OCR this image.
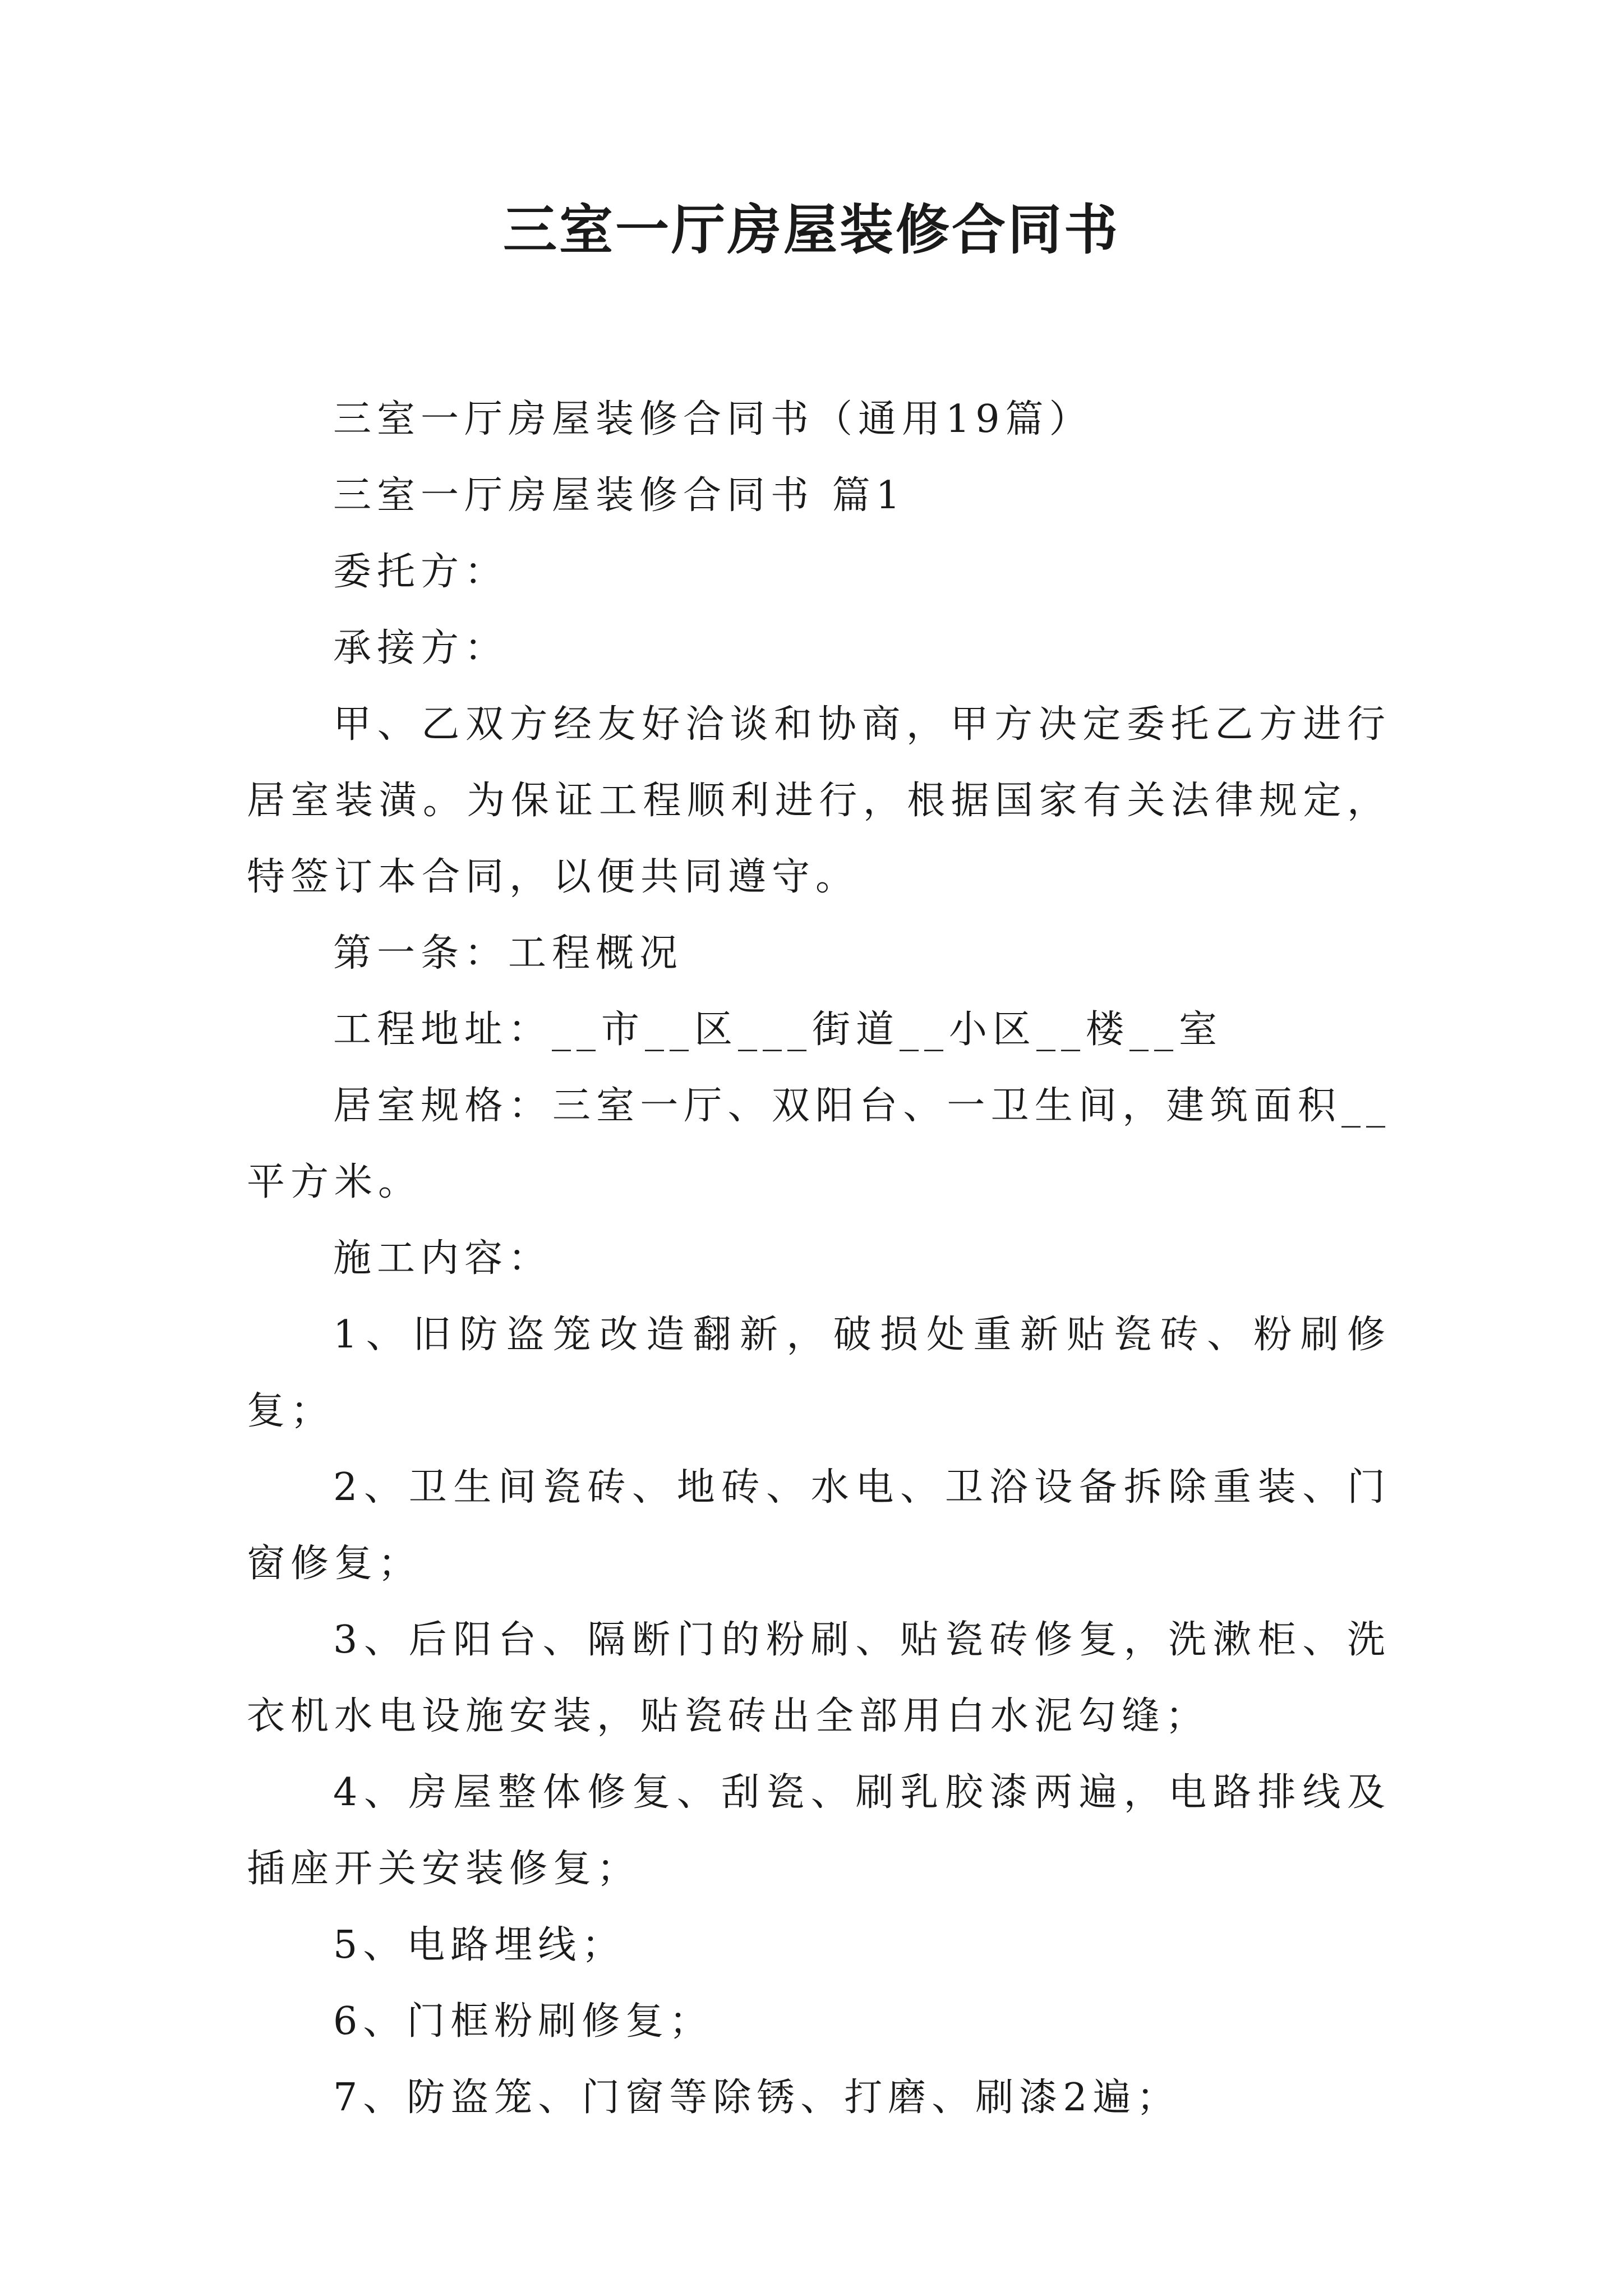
三室一厅房屋装修合同书

三室一厅房屋装修合同书（通用19篇）

三室一厅房屋装修合同书 篇1

委托方：

承接方：

甲、乙双方经友好洽谈和协商，甲方决定委托乙方进行居室装潢。为保证工程顺利进行，根据国家有关法律规定，特签订本合同，以便共同遵守。

第一条：工程概况

工程地址：__市__区___街道__小区__楼__室

居室规格：三室一厅、双阳台、一卫生间，建筑面积__平方米。

施工内容：

1、旧防盗笼改造翻新，破损处重新贴瓷砖、粉刷修复；

2、卫生间瓷砖、地砖、水电、卫浴设备拆除重装、门窗修复；

3、后阳台、隔断门的粉刷、贴瓷砖修复，洗漱柜、洗衣机水电设施安装，贴瓷砖出全部用白水泥勾缝；

4、房屋整体修复、刮瓷、刷乳胶漆两遍，电路排线及插座开关安装修复；

5、电路埋线；

6、门框粉刷修复；

7、防盗笼、门窗等除锈、打磨、刷漆2遍；
